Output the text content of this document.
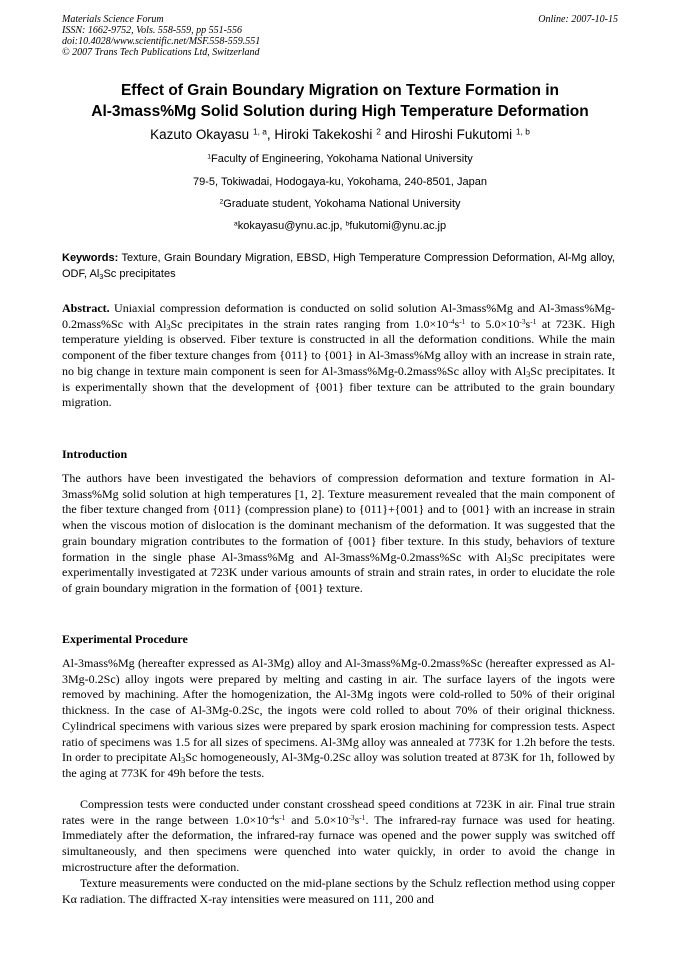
Materials Science Forum
ISSN: 1662-9752, Vols. 558-559, pp 551-556
doi:10.4028/www.scientific.net/MSF.558-559.551
© 2007 Trans Tech Publications Ltd, Switzerland
Online: 2007-10-15
Effect of Grain Boundary Migration on Texture Formation in
Al-3mass%Mg Solid Solution during High Temperature Deformation
Kazuto Okayasu $^{1, a}$, Hiroki Takekoshi $^2$ and Hiroshi Fukutomi $^{1, b}$
$^1$Faculty of Engineering, Yokohama National University
79-5, Tokiwadai, Hodogaya-ku, Yokohama, 240-8501, Japan
$^2$Graduate student, Yokohama National University
$^a$kokayasu@ynu.ac.jp, $^b$fukutomi@ynu.ac.jp
Keywords: Texture, Grain Boundary Migration, EBSD, High Temperature Compression Deformation, Al-Mg alloy, ODF, $Al_3Sc$ precipitates
Abstract. Uniaxial compression deformation is conducted on solid solution Al-3mass%Mg and Al-3mass%Mg-0.2mass%Sc with $Al_3Sc$ precipitates in the strain rates ranging from $1.0\times 10^{-4}s^{-1}$ to $5.0\times 10^{-3}s^{-1}$ at 723K. High temperature yielding is observed. Fiber texture is constructed in all the deformation conditions. While the main component of the fiber texture changes from {011} to {001} in Al-3mass%Mg alloy with an increase in strain rate, no big change in texture main component is seen for Al-3mass%Mg-0.2mass%Sc alloy with $Al_3Sc$ precipitates. It is experimentally shown that the development of {001} fiber texture can be attributed to the grain boundary migration.
Introduction
The authors have been investigated the behaviors of compression deformation and texture formation in Al-3mass%Mg solid solution at high temperatures [1, 2]. Texture measurement revealed that the main component of the fiber texture changed from {011} (compression plane) to {011}+{001} and to {001} with an increase in strain when the viscous motion of dislocation is the dominant mechanism of the deformation. It was suggested that the grain boundary migration contributes to the formation of {001} fiber texture. In this study, behaviors of texture formation in the single phase Al-3mass%Mg and Al-3mass%Mg-0.2mass%Sc with $Al_3Sc$ precipitates were experimentally investigated at 723K under various amounts of strain and strain rates, in order to elucidate the role of grain boundary migration in the formation of {001} texture.
Experimental Procedure
Al-3mass%Mg (hereafter expressed as Al-3Mg) alloy and Al-3mass%Mg-0.2mass%Sc (hereafter expressed as Al-3Mg-0.2Sc) alloy ingots were prepared by melting and casting in air. The surface layers of the ingots were removed by machining. After the homogenization, the Al-3Mg ingots were cold-rolled to 50% of their original thickness. In the case of Al-3Mg-0.2Sc, the ingots were cold rolled to about 70% of their original thickness. Cylindrical specimens with various sizes were prepared by spark erosion machining for compression tests. Aspect ratio of specimens was 1.5 for all sizes of specimens. Al-3Mg alloy was annealed at 773K for 1.2h before the tests. In order to precipitate $Al_3Sc$ homogeneously, Al-3Mg-0.2Sc alloy was solution treated at 873K for 1h, followed by the aging at 773K for 49h before the tests.
Compression tests were conducted under constant crosshead speed conditions at 723K in air. Final true strain rates were in the range between $1.0\times 10^{-4}s^{-1}$ and $5.0\times 10^{-3}s^{-1}$. The infrared-ray furnace was used for heating. Immediately after the deformation, the infrared-ray furnace was opened and the power supply was switched off simultaneously, and then specimens were quenched into water quickly, in order to avoid the change in microstructure after the deformation.
Texture measurements were conducted on the mid-plane sections by the Schulz reflection method using copper Kα radiation. The diffracted X-ray intensities were measured on 111, 200 and
